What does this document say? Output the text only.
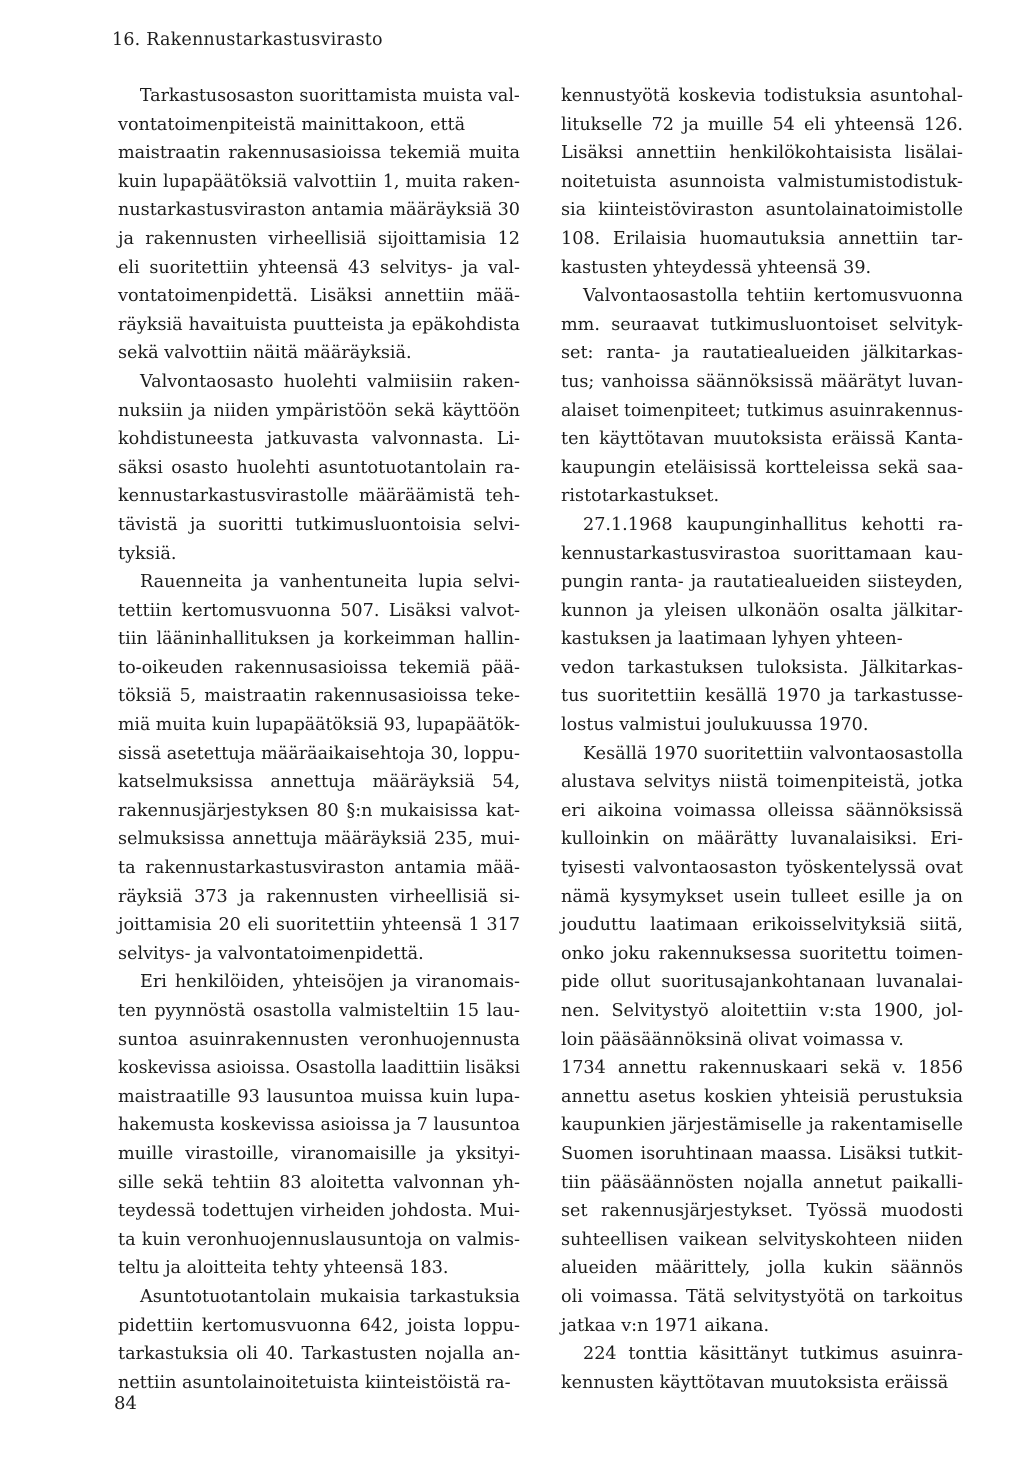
16. Rakennustarkastusvirasto
Tarkastusosaston suorittamista muista val-
vontatoimenpiteistä mainittakoon, että
maistraatin rakennusasioissa tekemiä muita
kuin lupapäätöksiä valvottiin 1, muita raken-
nustarkastusviraston antamia määräyksiä 30
ja rakennusten virheellisiä sijoittamisia 12
eli suoritettiin yhteensä 43 selvitys- ja val-
vontatoimenpidettä. Lisäksi annettiin mää-
räyksiä havaituista puutteista ja epäkohdista
sekä valvottiin näitä määräyksiä.
Valvontaosasto huolehti valmiisiin raken-
nuksiin ja niiden ympäristöön sekä käyttöön
kohdistuneesta jatkuvasta valvonnasta. Li-
säksi osasto huolehti asuntotuotantolain ra-
kennustarkastusvirastolle määräämistä teh-
tävistä ja suoritti tutkimusluontoisia selvi-
tyksiä.
Rauenneita ja vanhentuneita lupia selvi-
tettiin kertomusvuonna 507. Lisäksi valvot-
tiin lääninhallituksen ja korkeimman hallin-
to-oikeuden rakennusasioissa tekemiä pää-
töksiä 5, maistraatin rakennusasioissa teke-
miä muita kuin lupapäätöksiä 93, lupapäätök-
sissä asetettuja määräaikaisehtoja 30, loppu-
katselmuksissa annettuja määräyksiä 54,
rakennusjärjestyksen 80 §:n mukaisissa kat-
selmuksissa annettuja määräyksiä 235, mui-
ta rakennustarkastusviraston antamia mää-
räyksiä 373 ja rakennusten virheellisiä si-
joittamisia 20 eli suoritettiin yhteensä 1 317
selvitys- ja valvontatoimenpidettä.
Eri henkilöiden, yhteisöjen ja viranomais-
ten pyynnöstä osastolla valmisteltiin 15 lau-
suntoa asuinrakennusten veronhuojennusta
koskevissa asioissa. Osastolla laadittiin lisäksi
maistraatille 93 lausuntoa muissa kuin lupa-
hakemusta koskevissa asioissa ja 7 lausuntoa
muille virastoille, viranomaisille ja yksityi-
sille sekä tehtiin 83 aloitetta valvonnan yh-
teydessä todettujen virheiden johdosta. Mui-
ta kuin veronhuojennuslausuntoja on valmis-
teltu ja aloitteita tehty yhteensä 183.
Asuntotuotantolain mukaisia tarkastuksia
pidettiin kertomusvuonna 642, joista loppu-
tarkastuksia oli 40. Tarkastusten nojalla an-
nettiin asuntolainoitetuista kiinteistöistä ra-
kennustyötä koskevia todistuksia asuntohal-
litukselle 72 ja muille 54 eli yhteensä 126.
Lisäksi annettiin henkilökohtaisista lisälai-
noitetuista asunnoista valmistumistodistuk-
sia kiinteistöviraston asuntolainatoimistolle
108. Erilaisia huomautuksia annettiin tar-
kastusten yhteydessä yhteensä 39.
Valvontaosastolla tehtiin kertomusvuonna
mm. seuraavat tutkimusluontoiset selvityk-
set: ranta- ja rautatiealueiden jälkitarkas-
tus; vanhoissa säännöksissä määrätyt luvan-
alaiset toimenpiteet; tutkimus asuinrakennus-
ten käyttötavan muutoksista eräissä Kanta-
kaupungin eteläisissä kortteleissa sekä saa-
ristotarkastukset.
27.1.1968 kaupunginhallitus kehotti ra-
kennustarkastusvirastoa suorittamaan kau-
pungin ranta- ja rautatiealueiden siisteyden,
kunnon ja yleisen ulkonäön osalta jälkitar-
kastuksen ja laatimaan lyhyen yhteen-
vedon tarkastuksen tuloksista. Jälkitarkas-
tus suoritettiin kesällä 1970 ja tarkastusse-
lostus valmistui joulukuussa 1970.
Kesällä 1970 suoritettiin valvontaosastolla
alustava selvitys niistä toimenpiteistä, jotka
eri aikoina voimassa olleissa säännöksissä
kulloinkin on määrätty luvanalaisiksi. Eri-
tyisesti valvontaosaston työskentelyssä ovat
nämä kysymykset usein tulleet esille ja on
jouduttu laatimaan erikoisselvityksiä siitä,
onko joku rakennuksessa suoritettu toimen-
pide ollut suoritusajankohtanaan luvanalai-
nen. Selvitystyö aloitettiin v:sta 1900, jol-
loin pääsäännöksinä olivat voimassa v.
1734 annettu rakennuskaari sekä v. 1856
annettu asetus koskien yhteisiä perustuksia
kaupunkien järjestämiselle ja rakentamiselle
Suomen isoruhtinaan maassa. Lisäksi tutkit-
tiin pääsäännösten nojalla annetut paikalli-
set rakennusjärjestykset. Työssä muodosti
suhteellisen vaikean selvityskohteen niiden
alueiden määrittely, jolla kukin säännös
oli voimassa. Tätä selvitystyötä on tarkoitus
jatkaa v:n 1971 aikana.
224 tonttia käsittänyt tutkimus asuinra-
kennusten käyttötavan muutoksista eräissä
84
